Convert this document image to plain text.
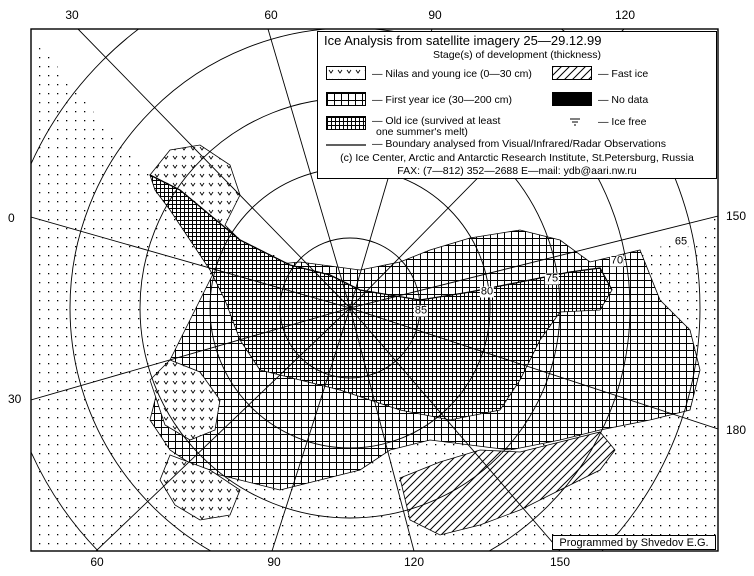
30	60	90	120
60	90	120	150
0
30
150
180
65
70
75
80
85
Ice Analysis from satellite imagery 25—29.12.99
Stage(s) of development (thickness)
— Nilas and young ice (0—30 cm)	— Fast ice
— First year ice (30—200 cm)	— No data
— Old ice (survived at least
one summer's melt)
— Ice free
— Boundary analysed from Visual/Infrared/Radar Observations
(c) Ice Center, Arctic and Antarctic Research Institute, St.Petersburg, Russia
FAX: (7—812) 352—2688 E—mail: ydb@aari.nw.ru
Programmed by Shvedov E.G.
